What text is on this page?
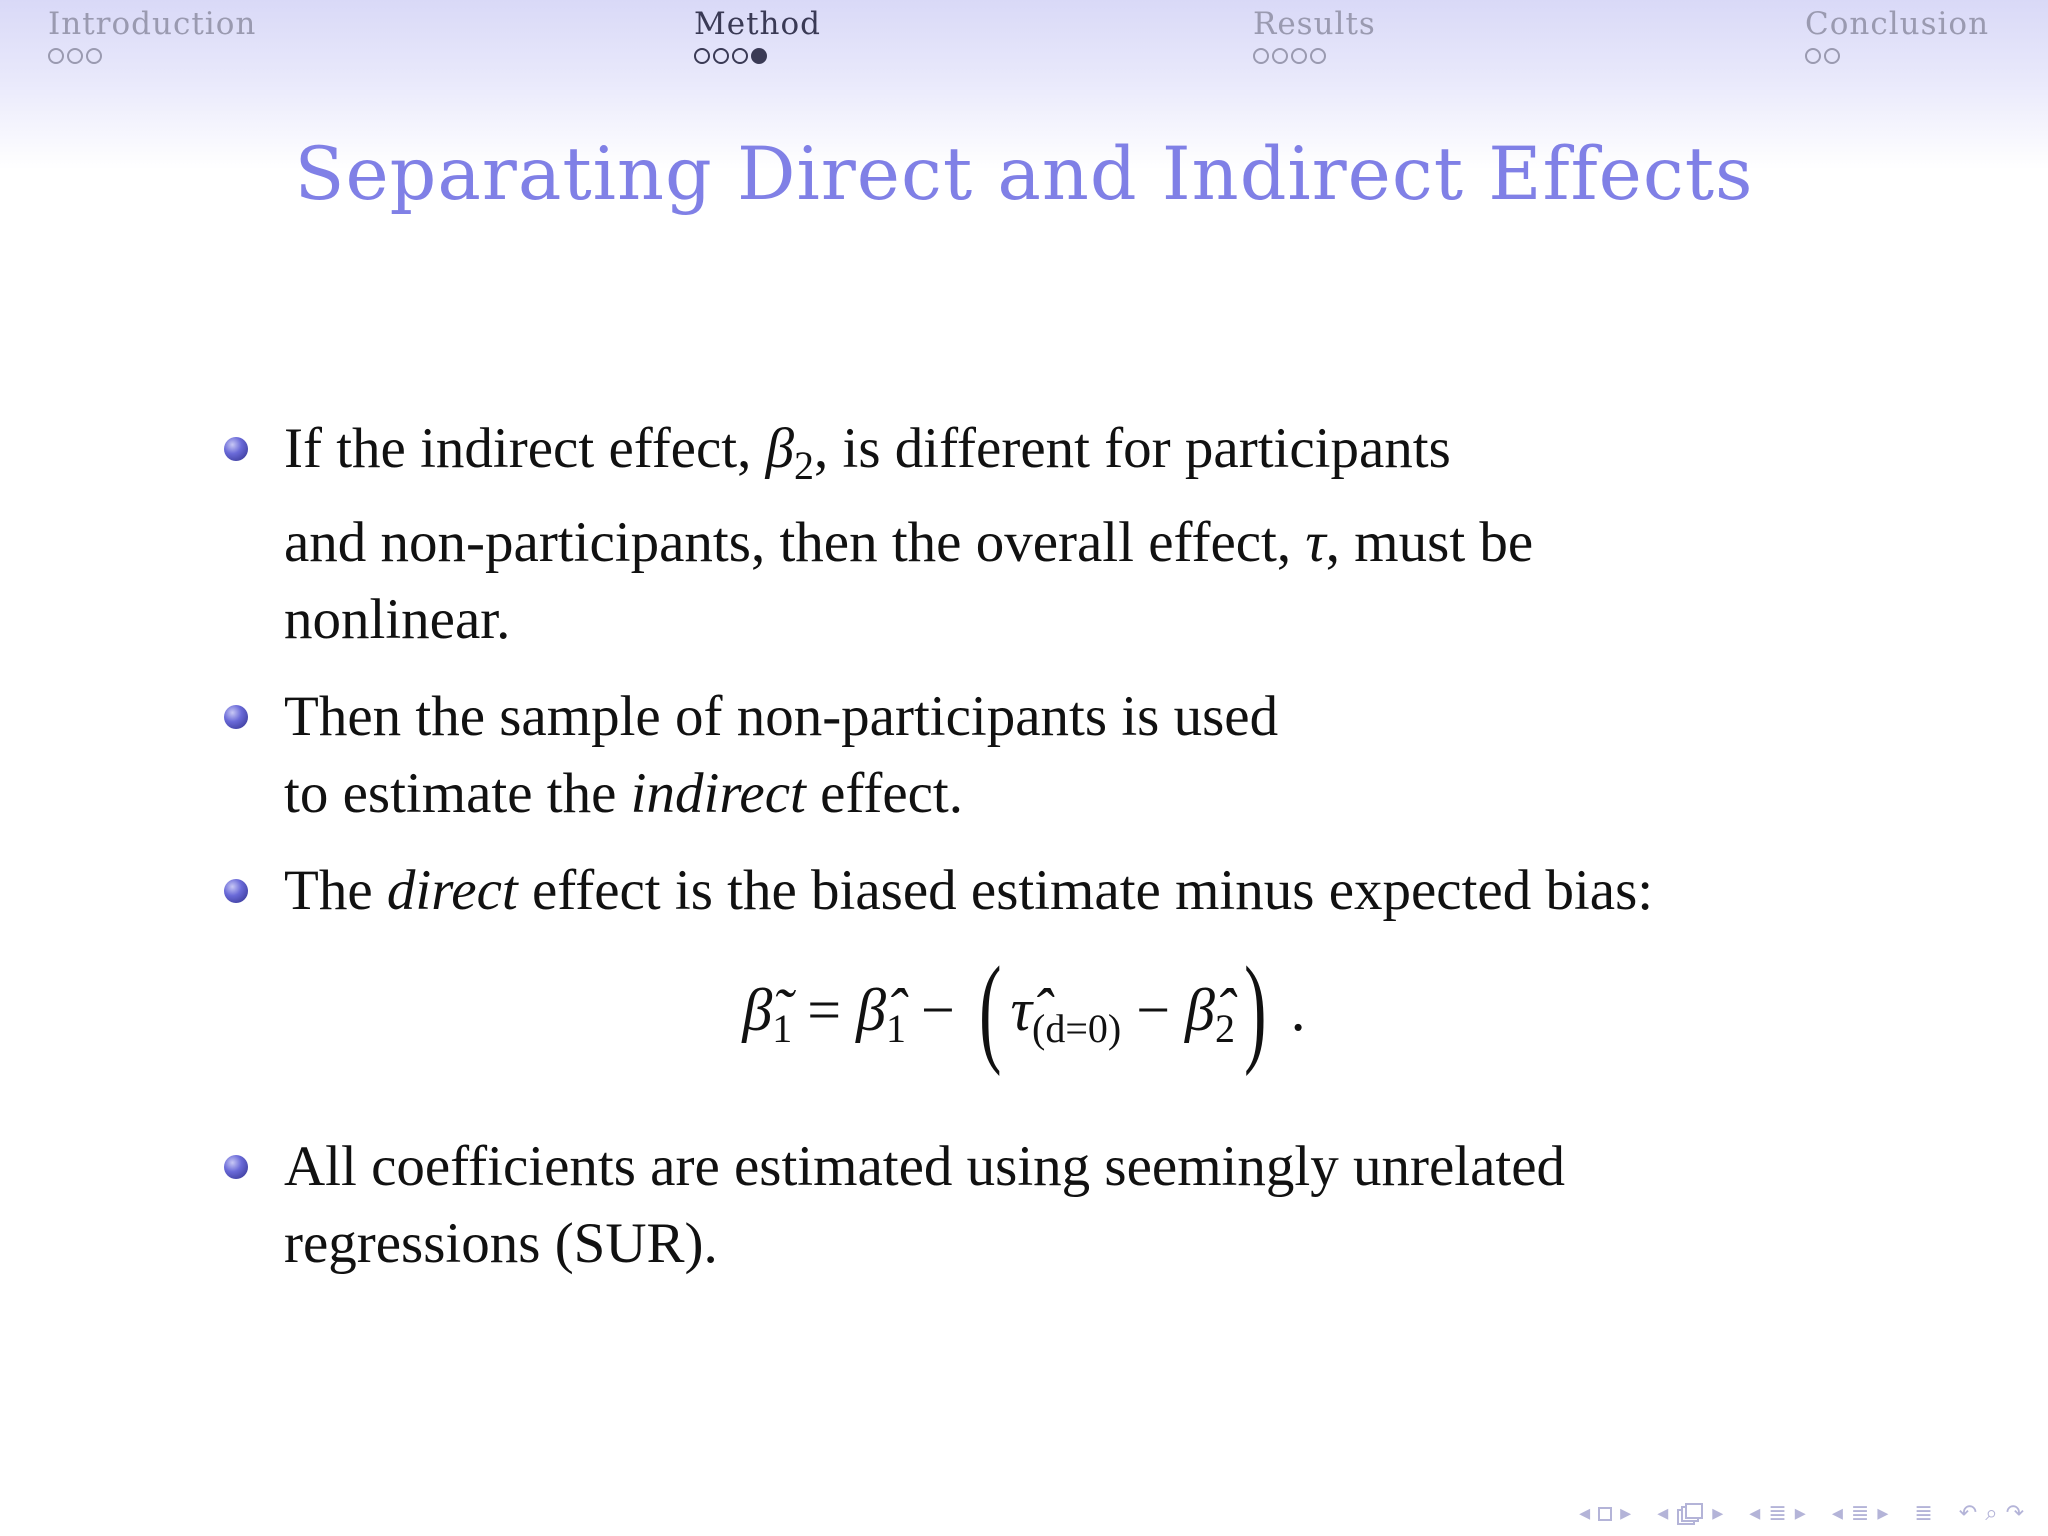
Introduction	Method	Results	Conclusion
Separating Direct and Indirect Effects
If the indirect effect, $\beta_2$, is different for participants
and non-participants, then the overall effect, τ, must be
nonlinear.
Then the sample of non-participants is used
to estimate the indirect effect.
The direct effect is the biased estimate minus expected bias:
$\betã_1$ = $\betâ_1$ − ( $\taû_{(d=0)}$ − $\betâ_2$) .
All coefficients are estimated using seemingly unrelated
regressions (SUR).
◂ ▸ ◂ ▸ ◂ ≣ ▸ ◂ ≣ ▸ ≣ ↶ ⌕ ↷
